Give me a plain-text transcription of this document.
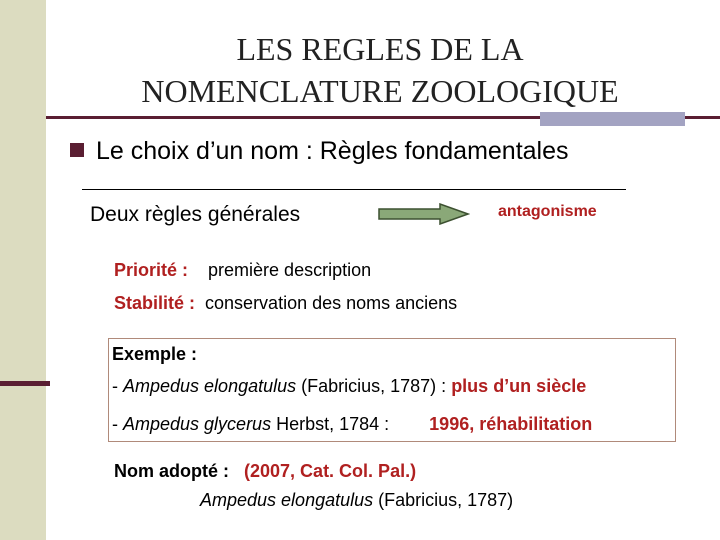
LES REGLES DE LA
NOMENCLATURE ZOOLOGIQUE
Le choix d’un nom : Règles fondamentales
Deux règles générales	antagonisme
Priorité : première description
Stabilité : conservation des noms anciens
Exemple :
- Ampedus elongatulus (Fabricius, 1787) : plus d’un siècle
- Ampedus glycerus Herbst, 1784 : 1996, réhabilitation
Nom adopté : (2007, Cat. Col. Pal.)
Ampedus elongatulus (Fabricius, 1787)
